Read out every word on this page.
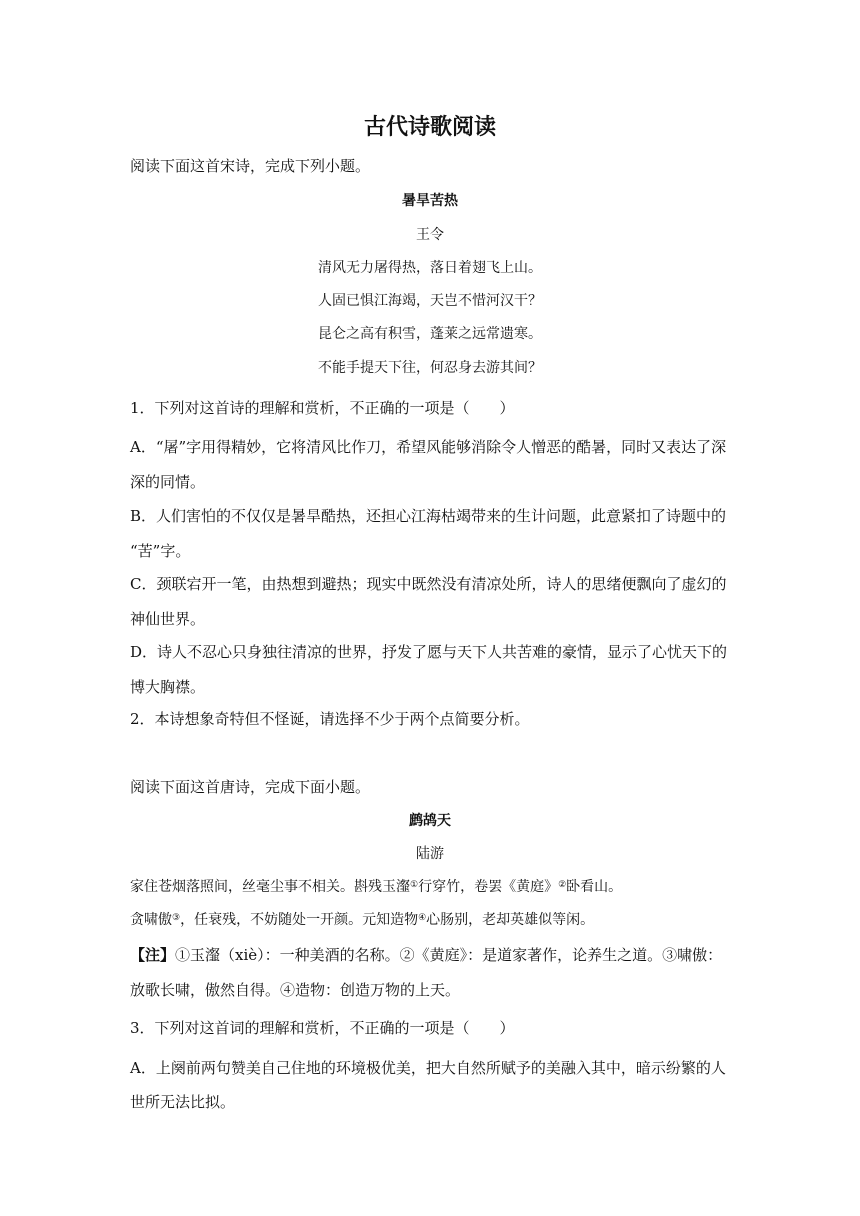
古代诗歌阅读
阅读下面这首宋诗，完成下列小题。
暑旱苦热
王令
清风无力屠得热，落日着翅飞上山。
人固已惧江海竭，天岂不惜河汉干？
昆仑之高有积雪，蓬莱之远常遗寒。
不能手提天下往，何忍身去游其间？
1．下列对这首诗的理解和赏析，不正确的一项是（　　）
A．“屠”字用得精妙，它将清风比作刀，希望风能够消除令人憎恶的酷暑，同时又表达了深
深的同情。
B．人们害怕的不仅仅是暑旱酷热，还担心江海枯竭带来的生计问题，此意紧扣了诗题中的
“苦”字。
C．颈联宕开一笔，由热想到避热；现实中既然没有清凉处所，诗人的思绪便飘向了虚幻的
神仙世界。
D．诗人不忍心只身独往清凉的世界，抒发了愿与天下人共苦难的豪情，显示了心忧天下的
博大胸襟。
2．本诗想象奇特但不怪诞，请选择不少于两个点简要分析。
阅读下面这首唐诗，完成下面小题。
鹧鸪天
陆游
家住苍烟落照间，丝毫尘事不相关。斟残玉瀣①行穿竹，卷罢《黄庭》②卧看山。
贪啸傲③，任衰残，不妨随处一开颜。元知造物④心肠别，老却英雄似等闲。
【注】①玉瀣（xiè）：一种美酒的名称。②《黄庭》：是道家著作，论养生之道。③啸傲：
放歌长啸，傲然自得。④造物：创造万物的上天。
3．下列对这首词的理解和赏析，不正确的一项是（　　）
A．上阕前两句赞美自己住地的环境极优美，把大自然所赋予的美融入其中，暗示纷繁的人
世所无法比拟。
